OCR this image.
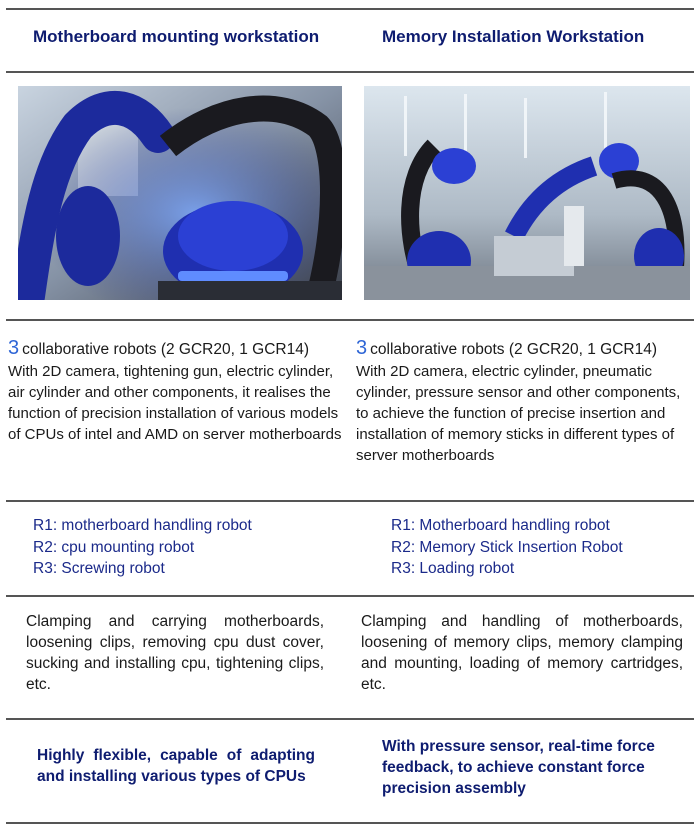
Motherboard mounting workstation	Memory Installation Workstation
3 collaborative robots (2 GCR20, 1 GCR14) 3 collaborative robots (2 GCR20, 1 GCR14)
With 2D camera, tightening gun, electric cylinder, air cylinder and other components, it realises the function of precision installation of various models of CPUs of intel and AMD on server motherboards
With 2D camera, electric cylinder, pneumatic cylinder, pressure sensor and other components, to achieve the function of precise insertion and installation of memory sticks in different types of server motherboards
R1: motherboard handling robot
R2: cpu mounting robot
R3: Screwing robot
R1: Motherboard handling robot
R2: Memory Stick Insertion Robot
R3: Loading robot
Clamping and carrying motherboards, loosening clips, removing cpu dust cover, sucking and installing cpu, tightening clips, etc.
Clamping and handling of motherboards, loosening of memory clips, memory clamping and mounting, loading of memory cartridges, etc.
Highly flexible, capable of adapting and installing various types of CPUs
With pressure sensor, real-time force feedback, to achieve constant force precision assembly
